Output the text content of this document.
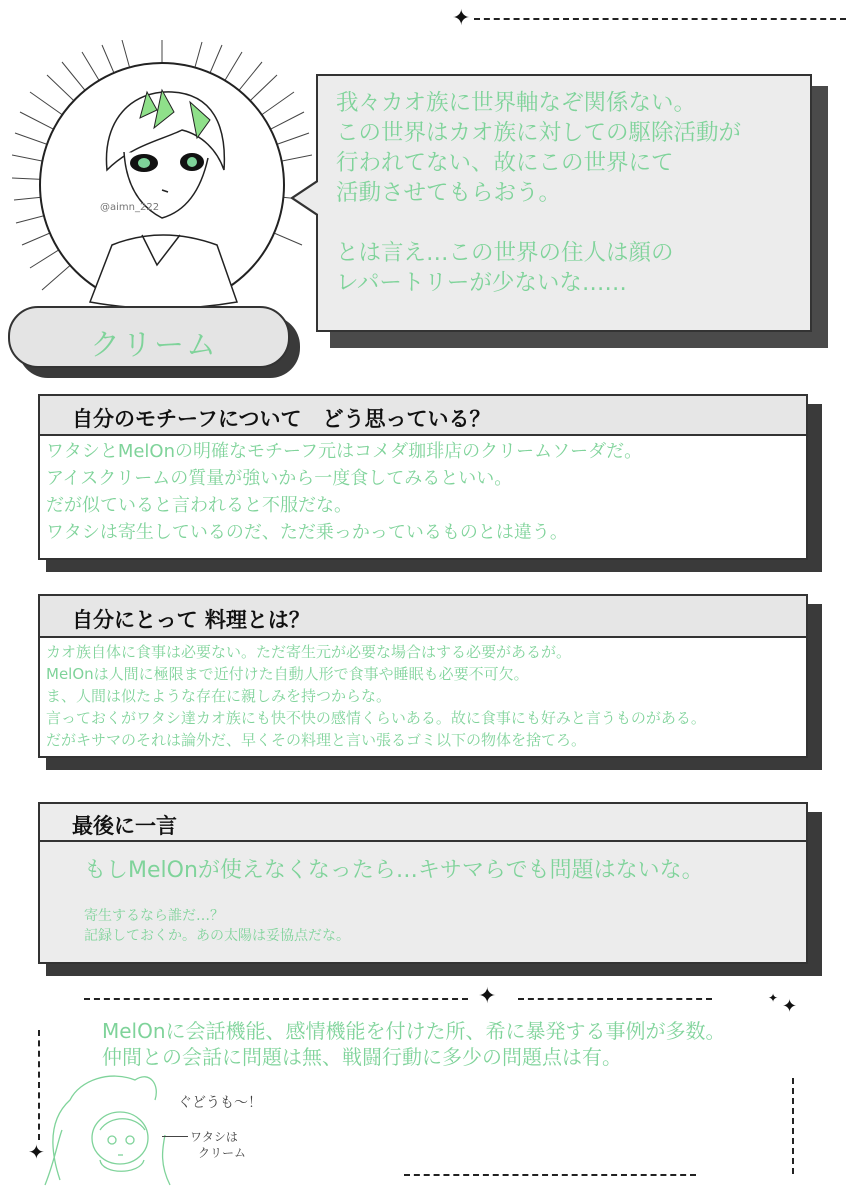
✦
@aimn_222

我々カオ族に世界軸なぞ関係ない。

この世界はカオ族に対しての駆除活動が

行われてない、故にこの世界にて

活動させてもらおう。

とは言え…この世界の住人は顔の

レパートリーが少ないな……

クリーム
自分のモチーフについて　どう思っている？

ワタシとMelOnの明確なモチーフ元はコメダ珈琲店のクリームソーダだ。

アイスクリームの質量が強いから一度食してみるといい。

だが似ていると言われると不服だな。

ワタシは寄生しているのだ、ただ乗っかっているものとは違う。

自分にとって 料理とは？

カオ族自体に食事は必要ない。ただ寄生元が必要な場合はする必要があるが。

MelOnは人間に極限まで近付けた自動人形で食事や睡眠も必要不可欠。

ま、人間は似たような存在に親しみを持つからな。

言っておくがワタシ達カオ族にも快不快の感情くらいある。故に食事にも好みと言うものがある。

だがキサマのそれは論外だ、早くその料理と言い張るゴミ以下の物体を捨てろ。

最後に一言

もしMelOnが使えなくなったら…キサマらでも問題はないな。

寄生するなら誰だ…？

記録しておくか。あの太陽は妥協点だな。

✦	✦ ✦
✦

MelOnに会話機能、感情機能を付けた所、希に暴発する事例が多数。

仲間との会話に問題は無、戦闘行動に多少の問題点は有。

ぐどうも〜！
ワタシは
クリーム
